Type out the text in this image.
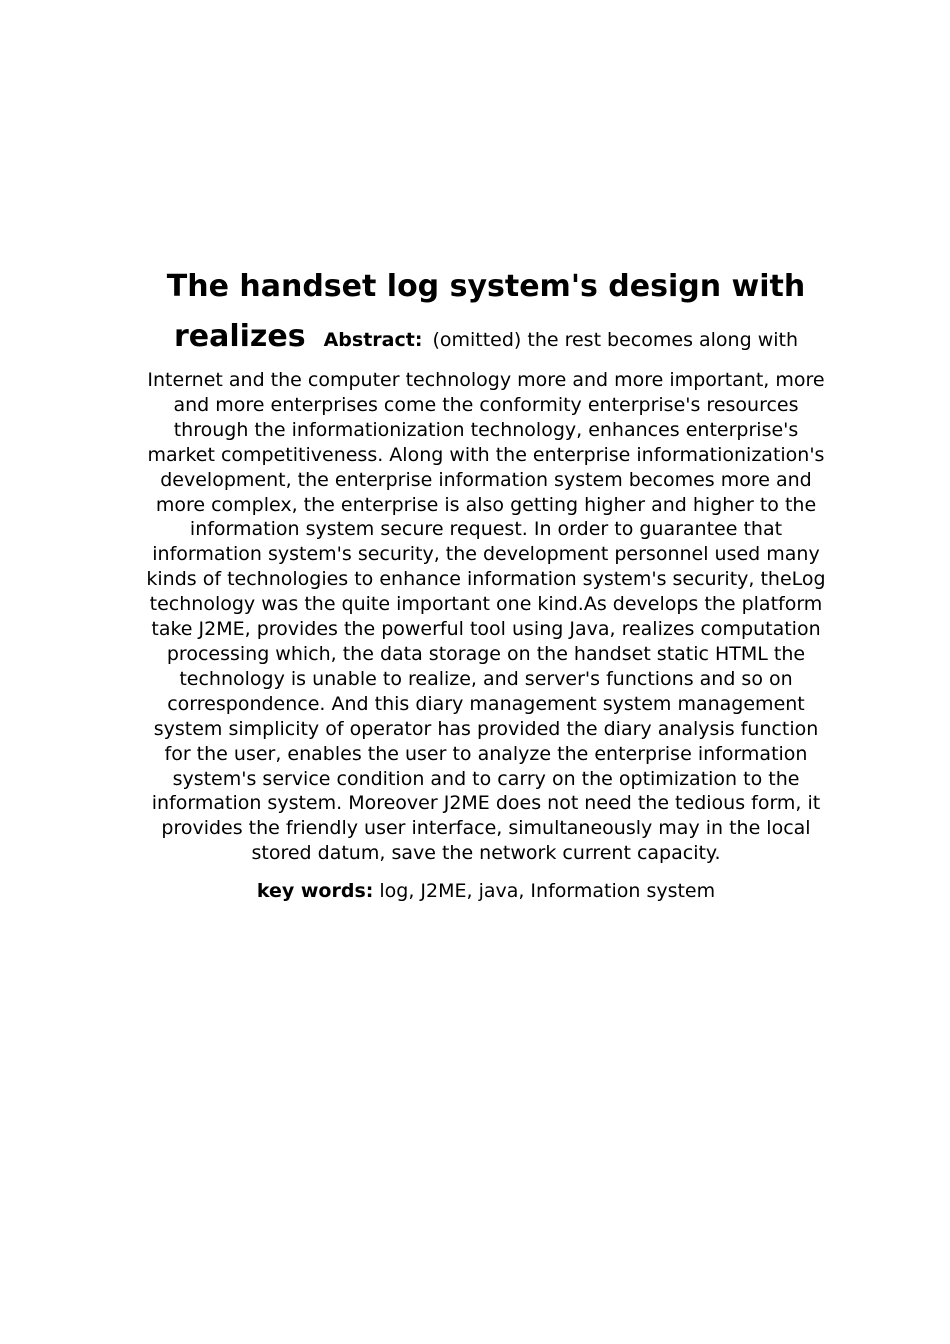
The handset log system's design with

realizes Abstract: (omitted) the rest becomes along with

Internet and the computer technology more and more important, more and more enterprises come the conformity enterprise's resources through the informationization technology, enhances enterprise's market competitiveness. Along with the enterprise informationization's development, the enterprise information system becomes more and more complex, the enterprise is also getting higher and higher to the information system secure request. In order to guarantee that information system's security, the development personnel used many kinds of technologies to enhance information system's security, theLog technology was the quite important one kind.As develops the platform take J2ME, provides the powerful tool using Java, realizes computation processing which, the data storage on the handset static HTML the technology is unable to realize, and server's functions and so on correspondence. And this diary management system management system simplicity of operator has provided the diary analysis function for the user, enables the user to analyze the enterprise information system's service condition and to carry on the optimization to the information system. Moreover J2ME does not need the tedious form, it provides the friendly user interface, simultaneously may in the local stored datum, save the network current capacity.

key words: log, J2ME, java, Information system
